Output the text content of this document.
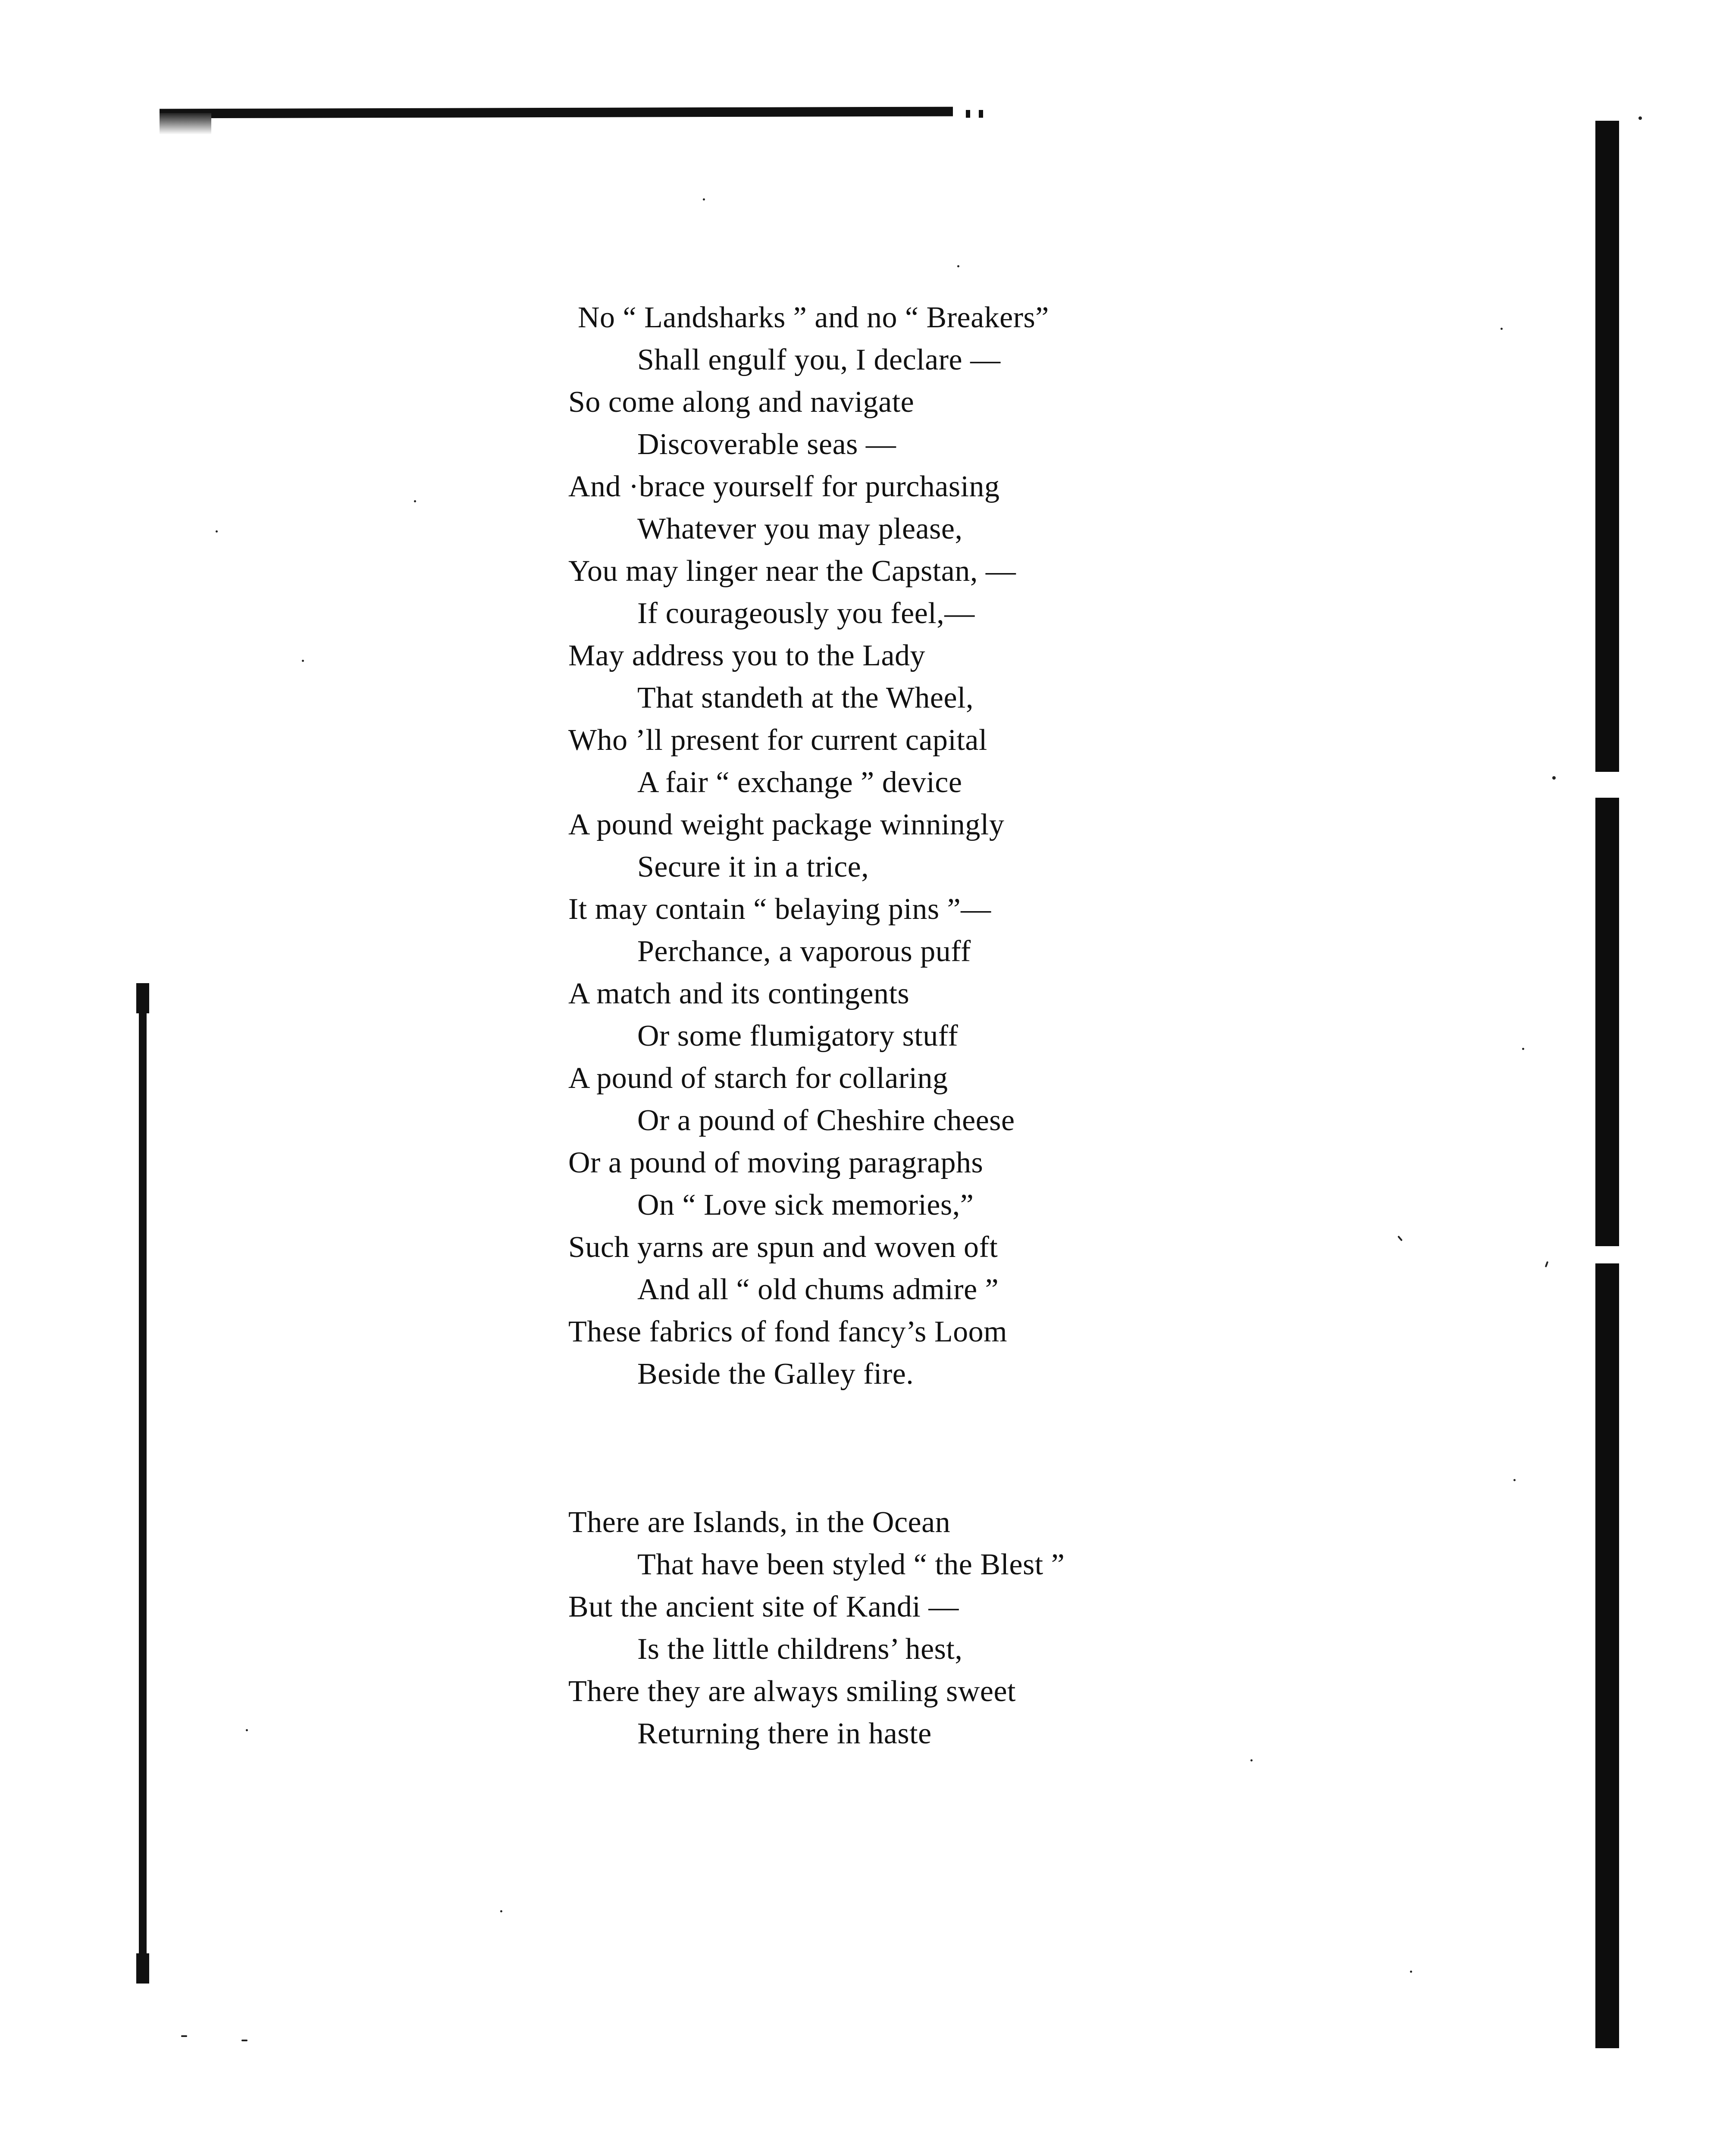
No “ Landsharks ” and no “ Breakers”
Shall engulf you, I declare —
So come along and navigate
Discoverable seas —
And ·brace yourself for purchasing
Whatever you may please,
You may linger near the Capstan, —
If courageously you feel,—
May address you to the Lady
That standeth at the Wheel,
Who ’ll present for current capital
A fair “ exchange ” device
A pound weight package winningly
Secure it in a trice,
It may contain “ belaying pins ”—
Perchance, a vaporous puff
A match and its contingents
Or some flumigatory stuff
A pound of starch for collaring
Or a pound of Cheshire cheese
Or a pound of moving paragraphs
On “ Love sick memories,”
Such yarns are spun and woven oft
And all “ old chums admire ”
These fabrics of fond fancy’s Loom
Beside the Galley fire.
There are Islands, in the Ocean
That have been styled “ the Blest ”
But the ancient site of Kandi —
Is the little childrens’ hest,
There they are always smiling sweet
Returning there in haste
